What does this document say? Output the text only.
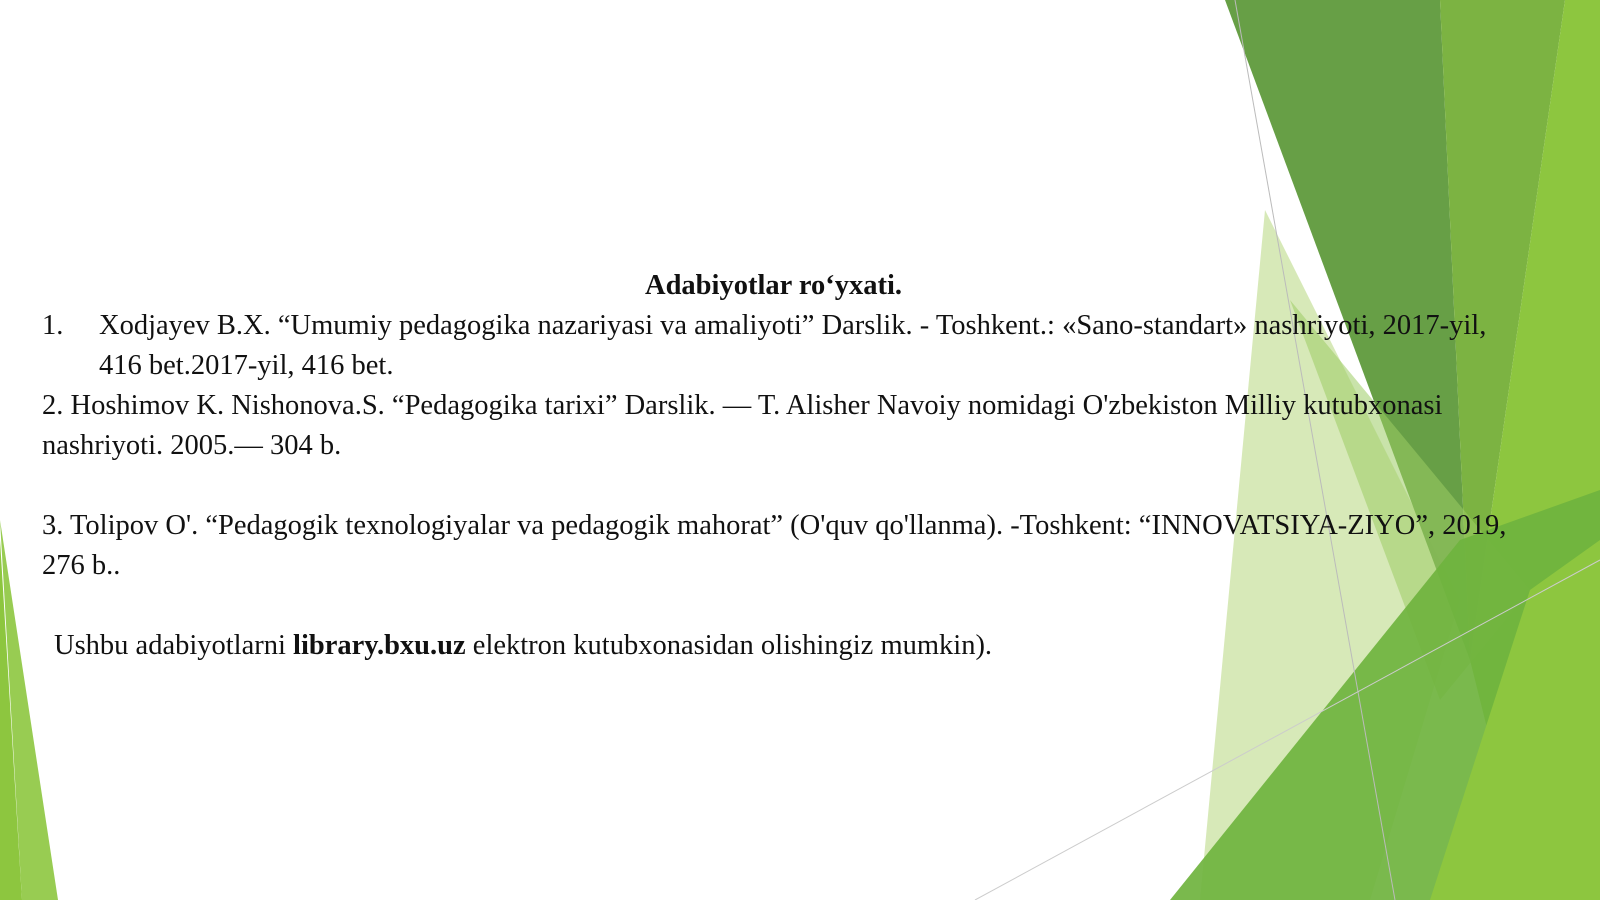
Adabiyotlar ro‘yxati.
1.	Xodjayev B.X. “Umumiy pedagogika nazariyasi va amaliyoti” Darslik. - Toshkent.: «Sano-standart» nashriyoti, 2017-yil, 416 bet.2017-yil, 416 bet.

2. Hoshimov K. Nishonova.S. “Pedagogika tarixi” Darslik. — T. Alisher Navoiy nomidagi O'zbekiston Milliy kutubxonasi nashriyoti. 2005.— 304 b.

3. Tolipov O'. “Pedagogik texnologiyalar va pedagogik mahorat” (O'quv qo'llanma). -Toshkent: “INNOVATSIYA-ZIYO”, 2019, 276 b..

Ushbu adabiyotlarni library.bxu.uz elektron kutubxonasidan olishingiz mumkin).
